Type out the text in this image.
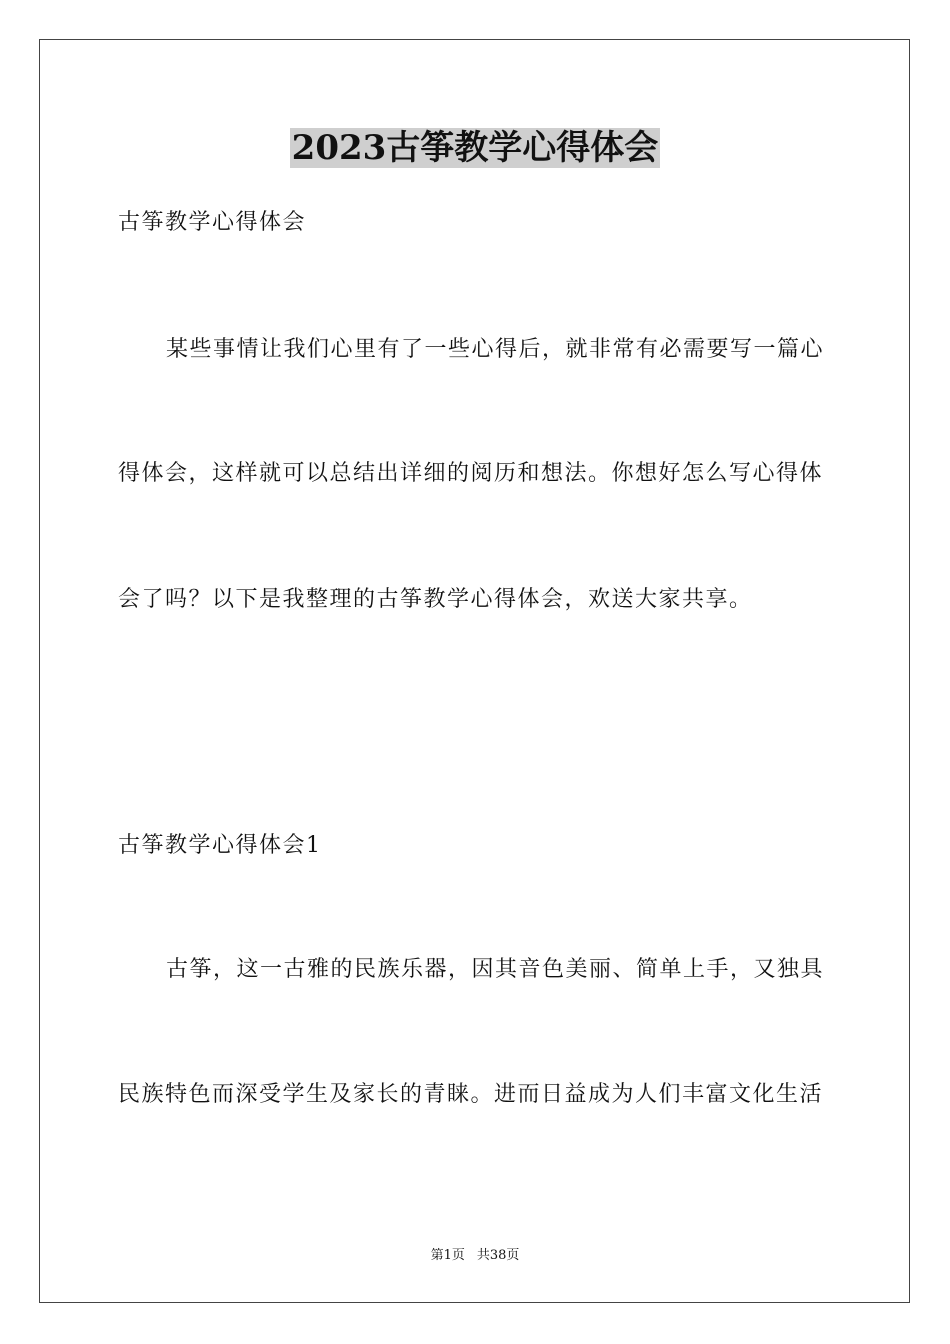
2023古筝教学心得体会
古筝教学心得体会
某些事情让我们心里有了一些心得后，就非常有必需要写一篇心
得体会，这样就可以总结出详细的阅历和想法。你想好怎么写心得体
会了吗？以下是我整理的古筝教学心得体会，欢送大家共享。
古筝教学心得体会1
古筝，这一古雅的民族乐器，因其音色美丽、简单上手，又独具
民族特色而深受学生及家长的青睐。进而日益成为人们丰富文化生活
第1页 共38页
